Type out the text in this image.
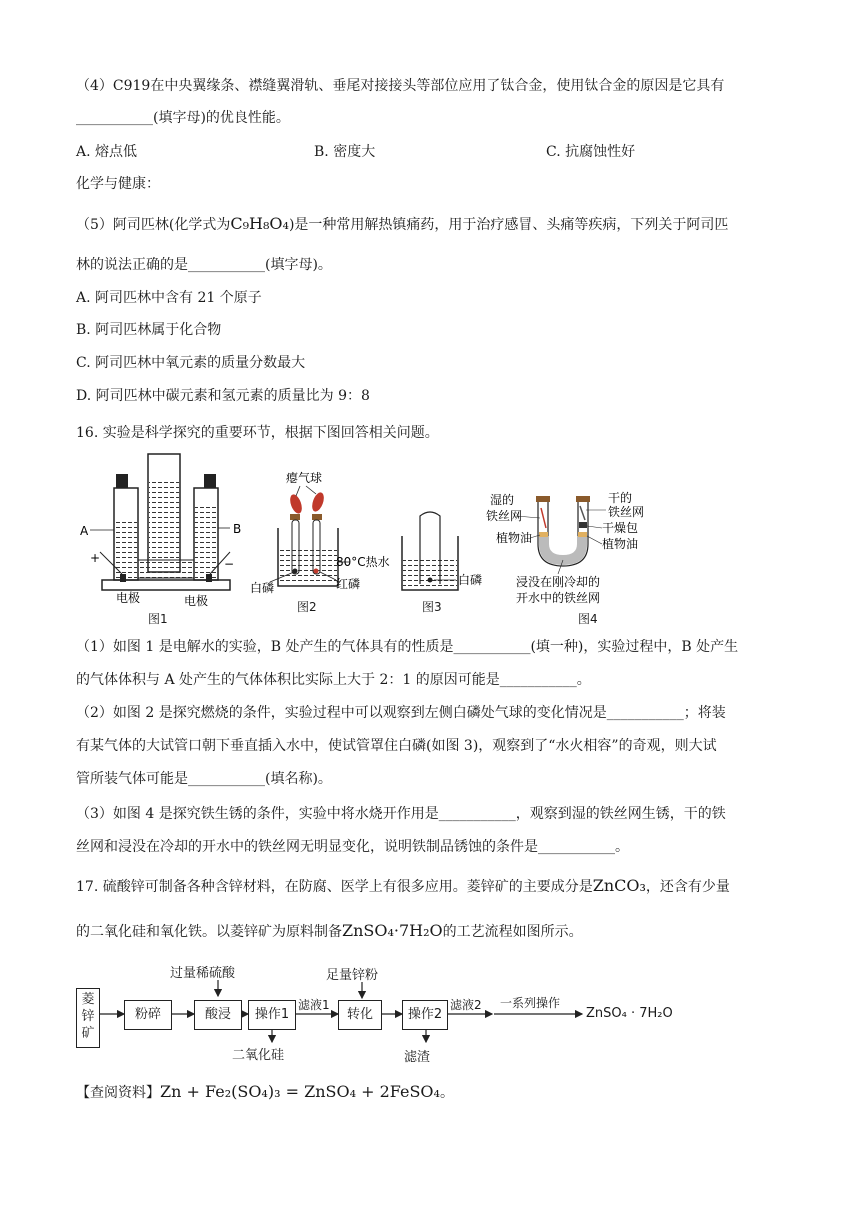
（4）C919在中央翼缘条、襟缝翼滑轨、垂尾对接接头等部位应用了钛合金，使用钛合金的原因是它具有
___________(填字母)的优良性能。
A. 熔点低	B. 密度大	C. 抗腐蚀性好
化学与健康：
（5）阿司匹林(化学式为C₉H₈O₄)是一种常用解热镇痛药，用于治疗感冒、头痛等疾病，下列关于阿司匹
林的说法正确的是___________(填字母)。
A. 阿司匹林中含有 21 个原子
B. 阿司匹林属于化合物
C. 阿司匹林中氧元素的质量分数最大
D. 阿司匹林中碳元素和氢元素的质量比为 9：8
16. 实验是科学探究的重要环节，根据下图回答相关问题。
A	B
+	−
电极	电极
图1
瘪气球
80°C热水
红磷
白磷
图2
白磷
图3
湿的
铁丝网
植物油
干的
铁丝网
干燥包
植物油
浸没在刚冷却的
开水中的铁丝网
图4
（1）如图 1 是电解水的实验，B 处产生的气体具有的性质是___________(填一种)，实验过程中，B 处产生
的气体体积与 A 处产生的气体体积比实际上大于 2：1 的原因可能是___________。
（2）如图 2 是探究燃烧的条件，实验过程中可以观察到左侧白磷处气球的变化情况是___________；将装
有某气体的大试管口朝下垂直插入水中，使试管罩住白磷(如图 3)，观察到了“水火相容”的奇观，则大试
管所装气体可能是___________(填名称)。
（3）如图 4 是探究铁生锈的条件，实验中将水烧开作用是___________，观察到湿的铁丝网生锈，干的铁
丝网和浸没在冷却的开水中的铁丝网无明显变化，说明铁制品锈蚀的条件是___________。
17. 硫酸锌可制备各种含锌材料，在防腐、医学上有很多应用。菱锌矿的主要成分是ZnCO₃，还含有少量
的二氧化硅和氧化铁。以菱锌矿为原料制备ZnSO₄·7H₂O的工艺流程如图所示。
菱锌矿
粉碎	酸浸	操作1	转化	操作2
过量稀硫酸	足量锌粉
滤液1	滤液2 一系列操作
ZnSO₄ · 7H₂O
二氧化硅	滤渣
【查阅资料】Zn + Fe₂(SO₄)₃ = ZnSO₄ + 2FeSO₄。
